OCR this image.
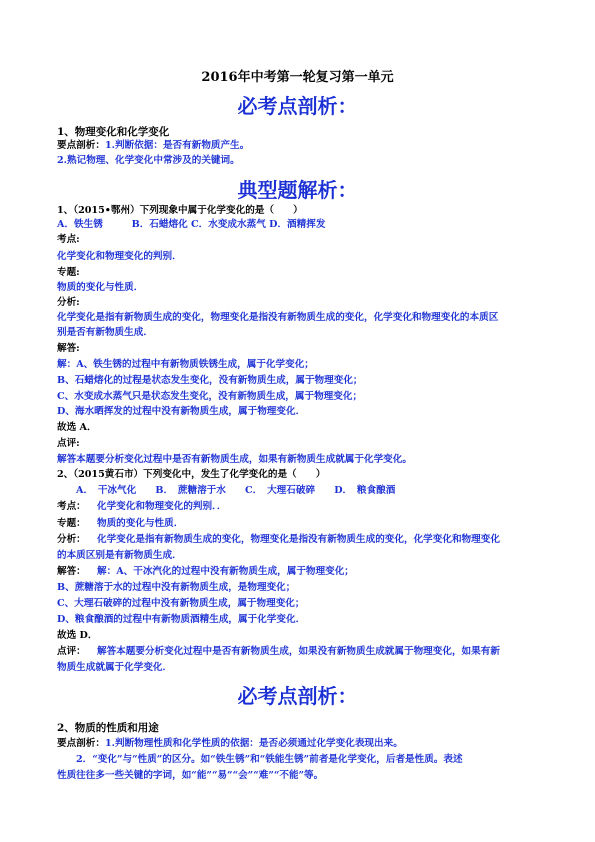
2016年中考第一轮复习第一单元
必考点剖析：
1、物理变化和化学变化
要点剖析：1.判断依据：是否有新物质产生。
2.熟记物理、化学变化中常涉及的关键词。
典型题解析：
1、（2015•鄂州）下列现象中属于化学变化的是（　　）
A．铁生锈　　　B．石蜡熔化 C．水变成水蒸气 D．酒精挥发
考点:
化学变化和物理变化的判别．
专题:
物质的变化与性质．
分析:
化学变化是指有新物质生成的变化，物理变化是指没有新物质生成的变化，化学变化和物理变化的本质区
别是否有新物质生成．
解答:
解：A、铁生锈的过程中有新物质铁锈生成，属于化学变化；
B、石蜡熔化的过程是状态发生变化，没有新物质生成，属于物理变化；
C、水变成水蒸气只是状态发生变化，没有新物质生成，属于物理变化；
D、海水晒挥发的过程中没有新物质生成，属于物理变化．
故选 A．
点评:
解答本题要分析变化过程中是否有新物质生成，如果有新物质生成就属于化学变化。
2、（2015黄石市）下列变化中，发生了化学变化的是（　　）
A．　干冰气化　　B．　蔗糖溶于水　　C．　大理石破碎　　D．　粮食酿酒
考点： 化学变化和物理变化的判别．．
专题： 物质的变化与性质．
分析： 化学变化是指有新物质生成的变化，物理变化是指没有新物质生成的变化，化学变化和物理变化
的本质区别是有新物质生成．
解答： 解：A、干冰汽化的过程中没有新物质生成，属于物理变化；
B、蔗糖溶于水的过程中没有新物质生成，是物理变化；
C、大理石破碎的过程中没有新物质生成，属于物理变化；
D、粮食酿酒的过程中有新物质酒精生成，属于化学变化．
故选 D．
点评： 解答本题要分析变化过程中是否有新物质生成，如果没有新物质生成就属于物理变化，如果有新
物质生成就属于化学变化．
必考点剖析：
2、物质的性质和用途
要点剖析：1.判断物理性质和化学性质的依据：是否必须通过化学变化表现出来。
2．“变化”与“性质”的区分。如“铁生锈”和“铁能生锈”前者是化学变化，后者是性质。表述
性质往往多一些关键的字词，如“能”“易”“会”“难”“不能”等。
